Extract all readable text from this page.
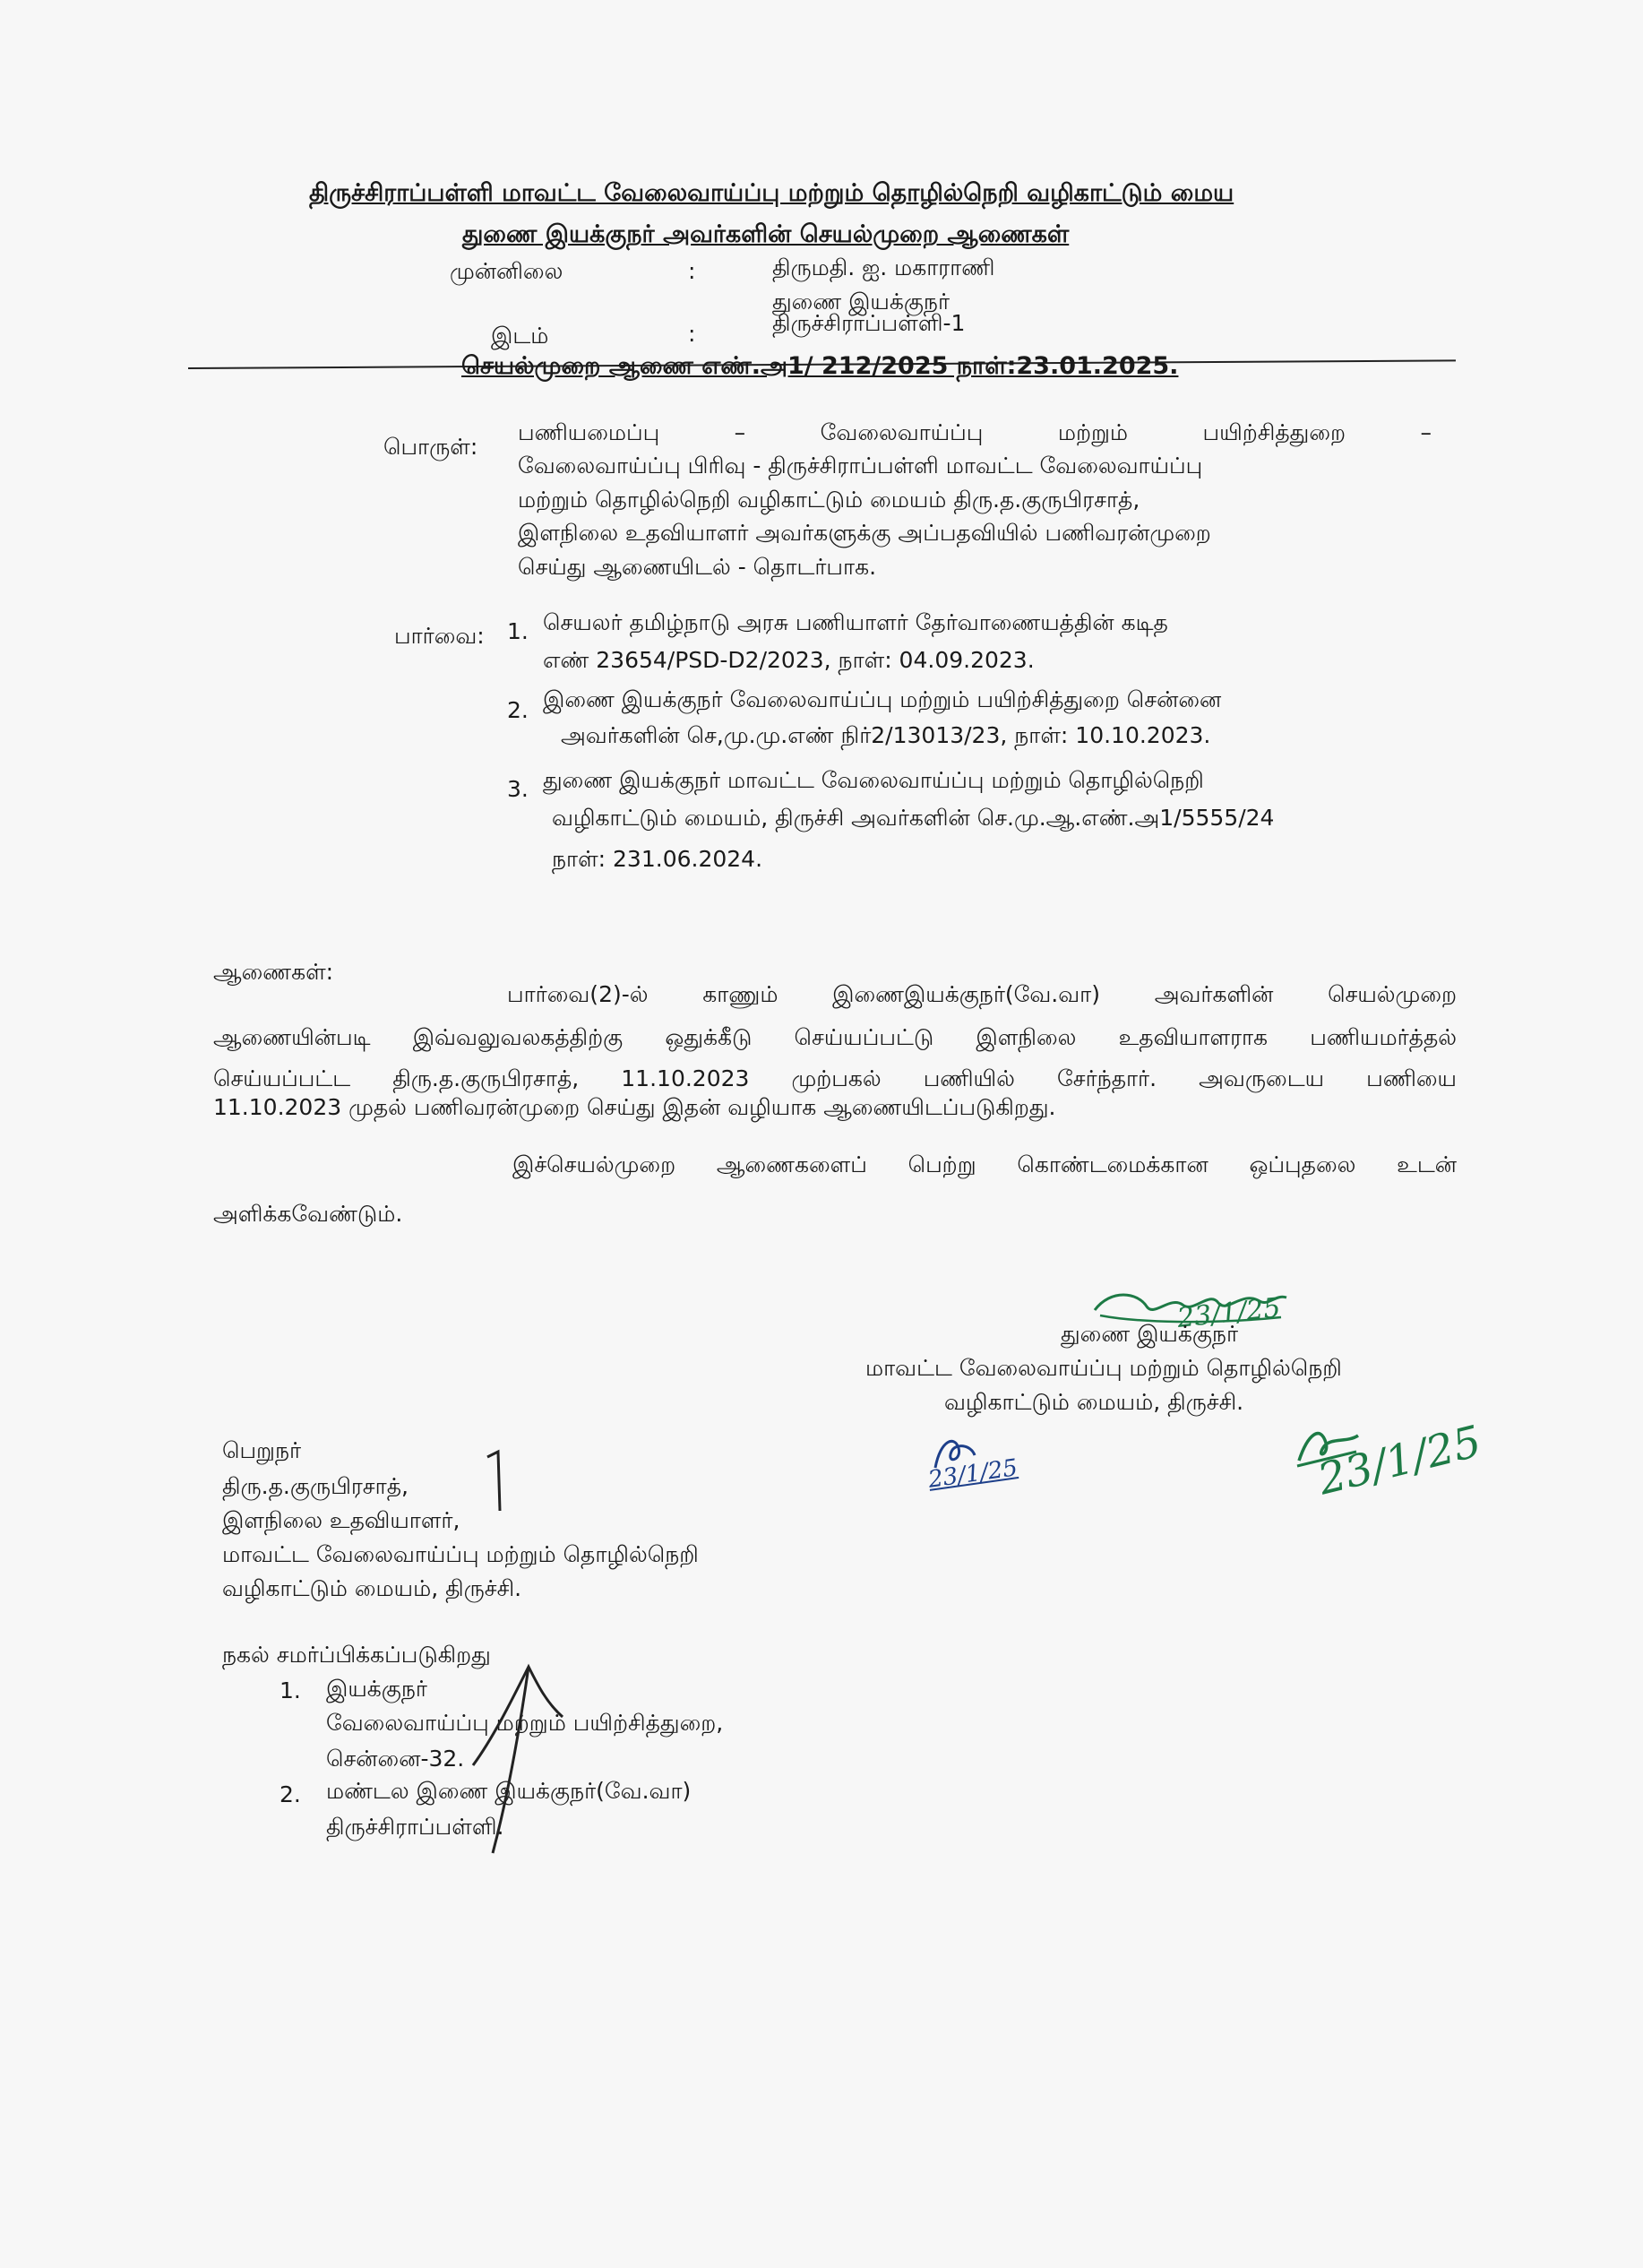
திருச்சிராப்பள்ளி மாவட்ட வேலைவாய்ப்பு மற்றும் தொழில்நெறி வழிகாட்டும் மைய
துணை இயக்குநர் அவர்களின் செயல்முறை ஆணைகள்
முன்னிலை	:	திருமதி. ஐ. மகாராணி
துணை இயக்குநர்
இடம்	:	திருச்சிராப்பள்ளி-1
செயல்முறை ஆணை எண்.அ1/ 212/2025 நாள்:23.01.2025.
பொருள்:
பணியமைப்பு – வேலைவாய்ப்பு மற்றும் பயிற்சித்துறை –
வேலைவாய்ப்பு பிரிவு - திருச்சிராப்பள்ளி மாவட்ட வேலைவாய்ப்பு
மற்றும் தொழில்நெறி வழிகாட்டும் மையம் திரு.த.குருபிரசாத்,
இளநிலை உதவியாளர் அவர்களுக்கு அப்பதவியில் பணிவரன்முறை
செய்து ஆணையிடல் - தொடர்பாக.
பார்வை: 1. செயலர் தமிழ்நாடு அரசு பணியாளர் தேர்வாணையத்தின் கடித
எண் 23654/PSD-D2/2023, நாள்: 04.09.2023.
2. இணை இயக்குநர் வேலைவாய்ப்பு மற்றும் பயிற்சித்துறை சென்னை
அவர்களின் செ,மு.மு.எண் நிர்2/13013/23, நாள்: 10.10.2023.
3. துணை இயக்குநர் மாவட்ட வேலைவாய்ப்பு மற்றும் தொழில்நெறி
வழிகாட்டும் மையம், திருச்சி அவர்களின் செ.மு.ஆ.எண்.அ1/5555/24
நாள்: 231.06.2024.
ஆணைகள்:
பார்வை(2)-ல் காணும் இணைஇயக்குநர்(வே.வா) அவர்களின் செயல்முறை
ஆணையின்படி இவ்வலுவலகத்திற்கு ஒதுக்கீடு செய்யப்பட்டு இளநிலை உதவியாளராக பணியமர்த்தல்
செய்யப்பட்ட திரு.த.குருபிரசாத், 11.10.2023 முற்பகல் பணியில் சேர்ந்தார். அவருடைய பணியை
11.10.2023 முதல் பணிவரன்முறை செய்து இதன் வழியாக ஆணையிடப்படுகிறது.
இச்செயல்முறை ஆணைகளைப் பெற்று கொண்டமைக்கான ஒப்புதலை உடன்
அளிக்கவேண்டும்.
23/1/25
துணை இயக்குநர்
மாவட்ட வேலைவாய்ப்பு மற்றும் தொழில்நெறி
வழிகாட்டும் மையம், திருச்சி.
23/1/25	23/1/25
பெறுநர்
திரு.த.குருபிரசாத்,
இளநிலை உதவியாளர்,
மாவட்ட வேலைவாய்ப்பு மற்றும் தொழில்நெறி
வழிகாட்டும் மையம், திருச்சி.
நகல் சமர்ப்பிக்கப்படுகிறது
1. இயக்குநர்
வேலைவாய்ப்பு மற்றும் பயிற்சித்துறை,
சென்னை-32.
2. மண்டல இணை இயக்குநர்(வே.வா)
திருச்சிராப்பள்ளி.
